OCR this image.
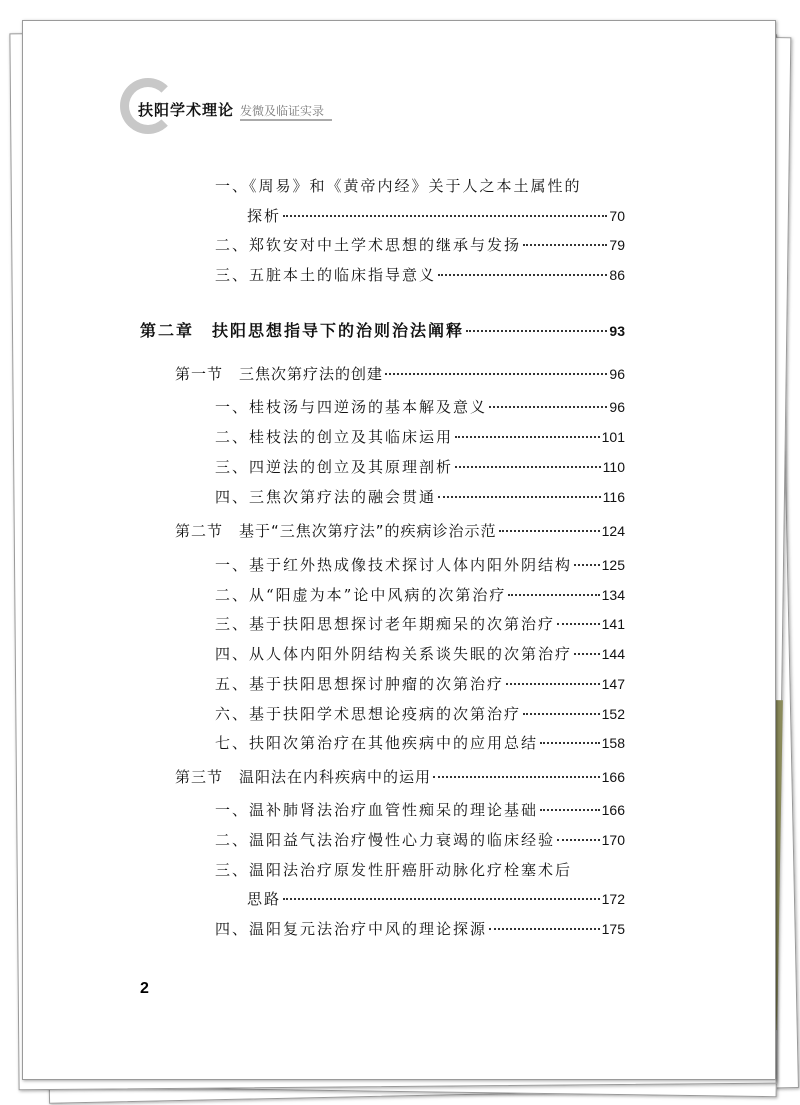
扶阳学术理论 发微及临证实录
一、《周易》和《黄帝内经》关于人之本土属性的
探析	70
二、郑钦安对中土学术思想的继承与发扬	79
三、五脏本土的临床指导意义	86
第二章　扶阳思想指导下的治则治法阐释	93
第一节　三焦次第疗法的创建	96
一、桂枝汤与四逆汤的基本解及意义	96
二、桂枝法的创立及其临床运用	101
三、四逆法的创立及其原理剖析	110
四、三焦次第疗法的融会贯通	116
第二节　基于“三焦次第疗法”的疾病诊治示范	124
一、基于红外热成像技术探讨人体内阳外阴结构 125
二、从“阳虚为本”论中风病的次第治疗	134
三、基于扶阳思想探讨老年期痴呆的次第治疗	141
四、从人体内阳外阴结构关系谈失眠的次第治疗 144
五、基于扶阳思想探讨肿瘤的次第治疗	147
六、基于扶阳学术思想论疫病的次第治疗	152
七、扶阳次第治疗在其他疾病中的应用总结	158
第三节　温阳法在内科疾病中的运用	166
一、温补肺肾法治疗血管性痴呆的理论基础	166
二、温阳益气法治疗慢性心力衰竭的临床经验	170
三、温阳法治疗原发性肝癌肝动脉化疗栓塞术后
思路	172
四、温阳复元法治疗中风的理论探源	175
2
